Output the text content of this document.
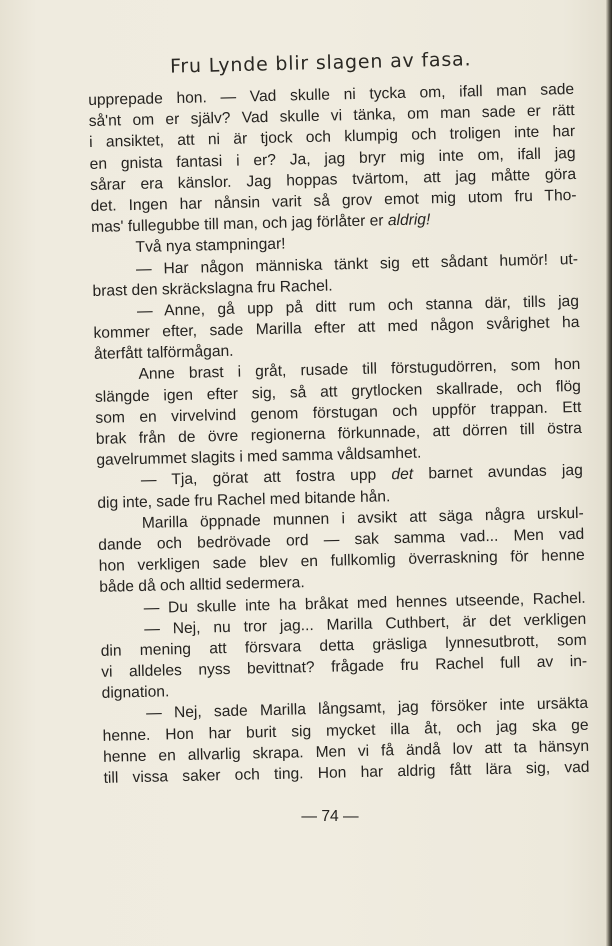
Fru Lynde blir slagen av fasa.
upprepade hon. — Vad skulle ni tycka om, ifall man sade
så'nt om er själv? Vad skulle vi tänka, om man sade er rätt
i ansiktet, att ni är tjock och klumpig och troligen inte har
en gnista fantasi i er? Ja, jag bryr mig inte om, ifall jag
sårar era känslor. Jag hoppas tvärtom, att jag måtte göra
det. Ingen har nånsin varit så grov emot mig utom fru Tho-
mas' fullegubbe till man, och jag förlåter er aldrig!
Två nya stampningar!
— Har någon människa tänkt sig ett sådant humör! ut-
brast den skräckslagna fru Rachel.
— Anne, gå upp på ditt rum och stanna där, tills jag
kommer efter, sade Marilla efter att med någon svårighet ha
återfått talförmågan.
Anne brast i gråt, rusade till förstugudörren, som hon
slängde igen efter sig, så att grytlocken skallrade, och flög
som en virvelvind genom förstugan och uppför trappan. Ett
brak från de övre regionerna förkunnade, att dörren till östra
gavelrummet slagits i med samma våldsamhet.
— Tja, görat att fostra upp det barnet avundas jag
dig inte, sade fru Rachel med bitande hån.
Marilla öppnade munnen i avsikt att säga några urskul-
dande och bedrövade ord — sak samma vad... Men vad
hon verkligen sade blev en fullkomlig överraskning för henne
både då och alltid sedermera.
— Du skulle inte ha bråkat med hennes utseende, Rachel.
— Nej, nu tror jag... Marilla Cuthbert, är det verkligen
din mening att försvara detta gräsliga lynnesutbrott, som
vi alldeles nyss bevittnat? frågade fru Rachel full av in-
dignation.
— Nej, sade Marilla långsamt, jag försöker inte ursäkta
henne. Hon har burit sig mycket illa åt, och jag ska ge
henne en allvarlig skrapa. Men vi få ändå lov att ta hänsyn
till vissa saker och ting. Hon har aldrig fått lära sig, vad
— 74 —
